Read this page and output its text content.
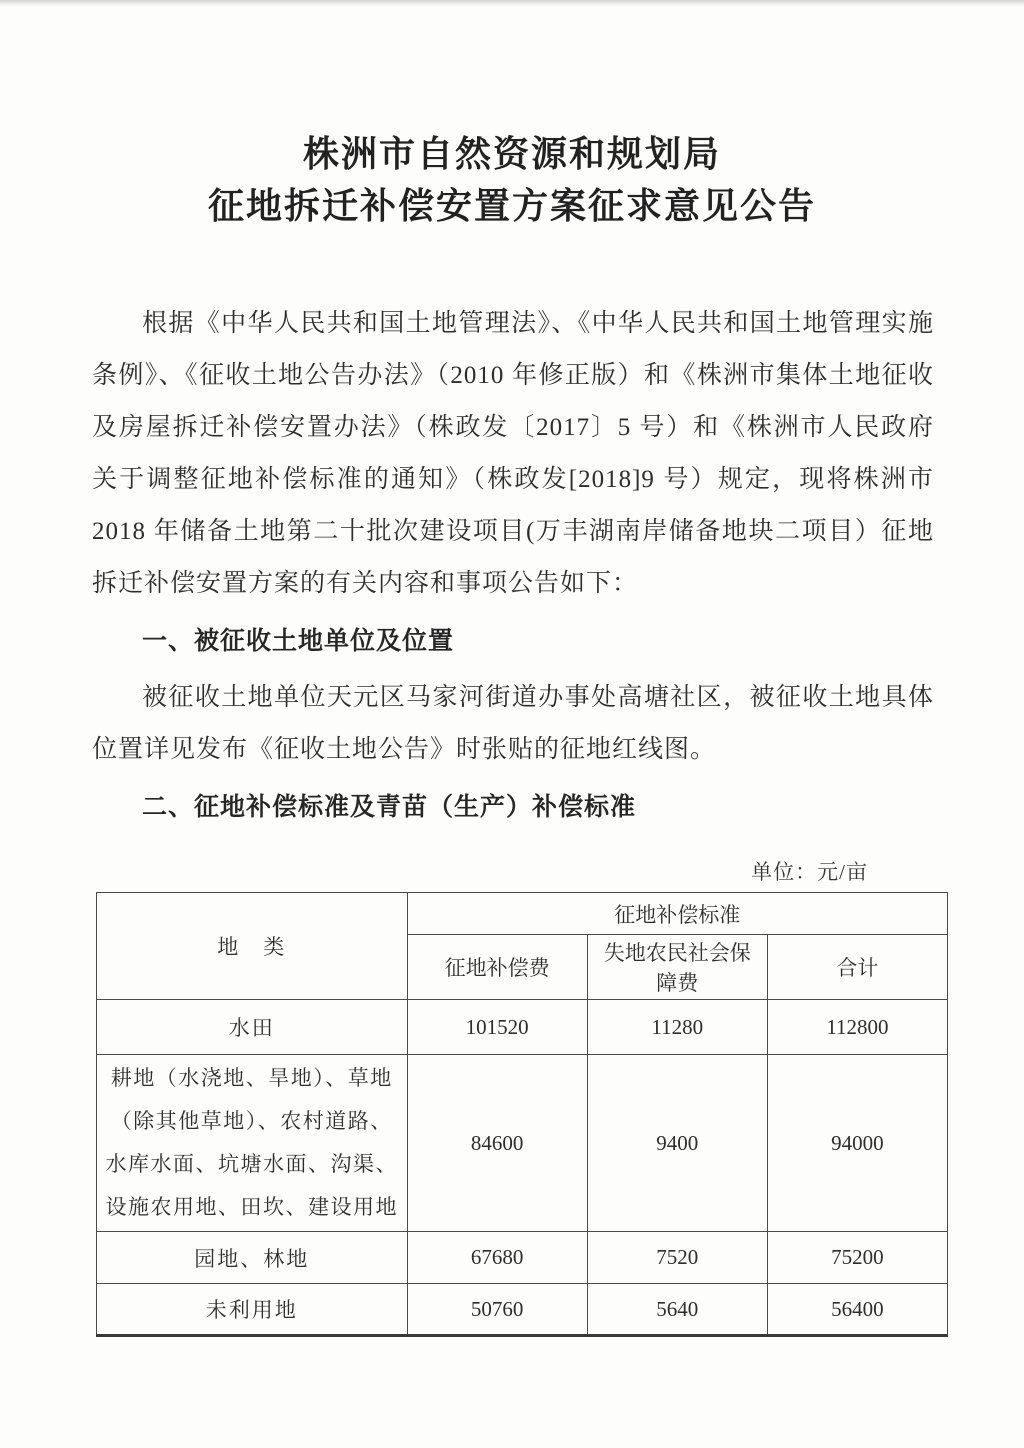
株洲市自然资源和规划局
征地拆迁补偿安置方案征求意见公告

根据《中华人民共和国土地管理法》、《中华人民共和国土地管理实施条例》、《征收土地公告办法》（2010 年修正版）和《株洲市集体土地征收及房屋拆迁补偿安置办法》（株政发〔2017〕5 号）和《株洲市人民政府关于调整征地补偿标准的通知》（株政发[2018]9 号）规定，现将株洲市 2018 年储备土地第二十批次建设项目(万丰湖南岸储备地块二项目）征地拆迁补偿安置方案的有关内容和事项公告如下：

一、被征收土地单位及位置

被征收土地单位天元区马家河街道办事处高塘社区，被征收土地具体位置详见发布《征收土地公告》时张贴的征地红线图。

二、征地补偿标准及青苗（生产）补偿标准

单位：元/亩
地　类	征地补偿标准		
	征地补偿费	失地农民社会保障费	合计
水田	101520	11280	112800
耕地（水浇地、旱地）、草地（除其他草地）、农村道路、水库水面、坑塘水面、沟渠、设施农用地、田坎、建设用地	84600	9400	94000
园地、林地	67680	7520	75200
未利用地	50760	5640	56400
